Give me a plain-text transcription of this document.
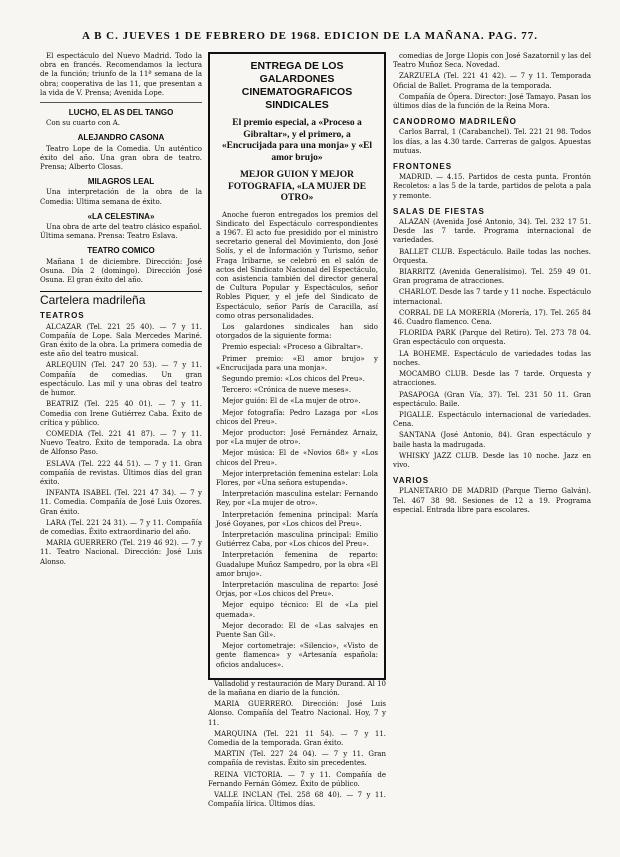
A B C. JUEVES 1 DE FEBRERO DE 1968. EDICION DE LA MAÑANA. PAG. 77.

El espectáculo del Nuevo Madrid. Todo la obra en francés. Recomendamos la lectura de la función; triunfo de la 11ª semana de la obra; cooperativa de las 11, que presentan a la vida de V. Prensa; Avenida Lope.

LUCHO, EL AS DEL TANGO

Con su cuarto con A.

ALEJANDRO CASONA

Teatro Lope de la Comedia. Un auténtico éxito del año. Una gran obra de teatro. Prensa; Alberto Closas.

MILAGROS LEAL

Una interpretación de la obra de la Comedia: Ultima semana de éxito.

«LA CELESTINA»

Una obra de arte del teatro clásico español. Última semana. Prensa: Teatro Eslava.

TEATRO COMICO

Mañana 1 de diciembre. Dirección: José Osuna. Día 2 (domingo). Dirección José Osuna. El gran éxito del año.

Cartelera madrileña
TEATROS

ALCAZAR (Tel. 221 25 40). — 7 y 11. Compañía de Lope. Sala Mercedes Mariné. Gran éxito de la obra. La primera comedia de este año del teatro musical.

ARLEQUIN (Tel. 247 20 53). — 7 y 11. Compañía de comedias. Un gran espectáculo. Las mil y una obras del teatro de humor.

BEATRIZ (Tel. 225 40 01). — 7 y 11. Comedia con Irene Gutiérrez Caba. Éxito de crítica y público.

COMEDIA (Tel. 221 41 87). — 7 y 11. Nuevo Teatro. Éxito de temporada. La obra de Alfonso Paso.

ESLAVA (Tel. 222 44 51). — 7 y 11. Gran compañía de revistas. Últimos días del gran éxito.

INFANTA ISABEL (Tel. 221 47 34). — 7 y 11. Comedia. Compañía de José Luis Ozores. Gran éxito.

LARA (Tel. 221 24 31). — 7 y 11. Compañía de comedias. Éxito extraordinario del año.

MARIA GUERRERO (Tel. 219 46 92). — 7 y 11. Teatro Nacional. Dirección: José Luis Alonso.

ENTREGA DE LOS GALARDONES CINEMATOGRAFICOS SINDICALES
El premio especial, a «Proceso a Gibraltar», y el primero, a «Encrucijada para una monja» y «El amor brujo»
MEJOR GUION Y MEJOR FOTOGRAFIA, «LA MUJER DE OTRO»

Anoche fueron entregados los premios del Sindicato del Espectáculo correspondientes a 1967. El acto fue presidido por el ministro secretario general del Movimiento, don José Solís, y el de Información y Turismo, señor Fraga Iribarne, se celebró en el salón de actos del Sindicato Nacional del Espectáculo, con asistencia también del director general de Cultura Popular y Espectáculos, señor Robles Piquer, y el jefe del Sindicato de Espectáculo, señor París de Caracilla, así como otras personalidades.

Los galardones sindicales han sido otorgados de la siguiente forma:

Premio especial: «Proceso a Gibraltar».

Primer premio: «El amor brujo» y «Encrucijada para una monja».

Segundo premio: «Los chicos del Preu».

Tercero: «Crónica de nueve meses».

Mejor guión: El de «La mujer de otro».

Mejor fotografía: Pedro Lazaga por «Los chicos del Preu».

Mejor productor: José Fernández Arnaiz, por «La mujer de otro».

Mejor música: El de «Novios 68» y «Los chicos del Preu».

Mejor interpretación femenina estelar: Lola Flores, por «Una señora estupenda».

Interpretación masculina estelar: Fernando Rey, por «La mujer de otro».

Interpretación femenina principal: María José Goyanes, por «Los chicos del Preu».

Interpretación masculina principal: Emilio Gutiérrez Caba, por «Los chicos del Preu».

Interpretación femenina de reparto: Guadalupe Muñoz Sampedro, por la obra «El amor brujo».

Interpretación masculina de reparto: José Orjas, por «Los chicos del Preu».

Mejor equipo técnico: El de «La piel quemada».

Mejor decorado: El de «Las salvajes en Puente San Gil».

Mejor cortometraje: «Silencio», «Visto de gente flamenca» y «Artesanía española: oficios andaluces».

Valladolid y restauración de Mary Durand. Al 10 de la mañana en diario de la función.

MARIA GUERRERO. Dirección: José Luis Alonso. Compañía del Teatro Nacional. Hoy, 7 y 11.

MARQUINA (Tel. 221 11 54). — 7 y 11. Comedia de la temporada. Gran éxito.

MARTIN (Tel. 227 24 04). — 7 y 11. Gran compañía de revistas. Éxito sin precedentes.

REINA VICTORIA. — 7 y 11. Compañía de Fernando Fernán Gómez. Éxito de público.

VALLE INCLAN (Tel. 258 68 40). — 7 y 11. Compañía lírica. Últimos días.

comedias de Jorge Llopis con José Sazatornil y las del Teatro Muñoz Seca. Novedad.

ZARZUELA (Tel. 221 41 42). — 7 y 11. Temporada Oficial de Ballet. Programa de la temporada.

Compañía de Ópera. Director: José Tamayo. Pasan los últimos días de la función de la Reina Mora.

CANODROMO MADRILEÑO

Carlos Barral, 1 (Carabanchel). Tel. 221 21 98. Todos los días, a las 4.30 tarde. Carreras de galgos. Apuestas mutuas.

FRONTONES

MADRID. — 4.15. Partidos de cesta punta. Frontón Recoletos: a las 5 de la tarde, partidos de pelota a pala y remonte.

SALAS DE FIESTAS

ALAZAN (Avenida José Antonio, 34). Tel. 232 17 51. Desde las 7 tarde. Programa internacional de variedades.

BALLET CLUB. Espectáculo. Baile todas las noches. Orquesta.

BIARRITZ (Avenida Generalísimo). Tel. 259 49 01. Gran programa de atracciones.

CHARLOT. Desde las 7 tarde y 11 noche. Espectáculo internacional.

CORRAL DE LA MORERIA (Morería, 17). Tel. 265 84 46. Cuadro flamenco. Cena.

FLORIDA PARK (Parque del Retiro). Tel. 273 78 04. Gran espectáculo con orquesta.

LA BOHEME. Espectáculo de variedades todas las noches.

MOCAMBO CLUB. Desde las 7 tarde. Orquesta y atracciones.

PASAPOGA (Gran Vía, 37). Tel. 231 50 11. Gran espectáculo. Baile.

PIGALLE. Espectáculo internacional de variedades. Cena.

SANTANA (José Antonio, 84). Gran espectáculo y baile hasta la madrugada.

WHISKY JAZZ CLUB. Desde las 10 noche. Jazz en vivo.

VARIOS

PLANETARIO DE MADRID (Parque Tierno Galván). Tel. 467 38 98. Sesiones de 12 a 19. Programa especial. Entrada libre para escolares.
